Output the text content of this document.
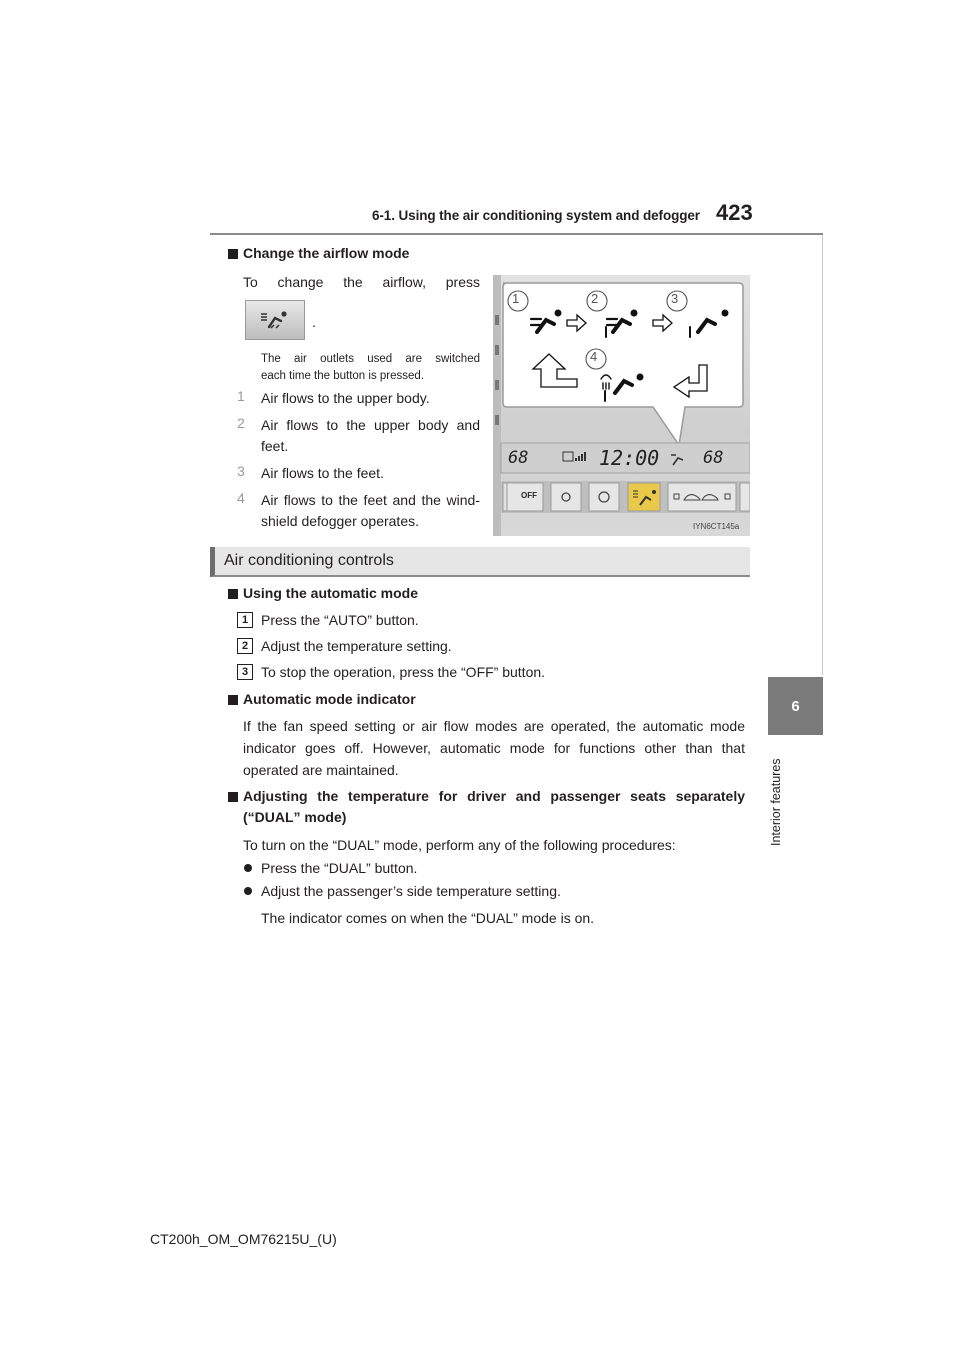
6-1. Using the air conditioning system and defogger 423
6
Interior features
Change the airflow mode
To change the airflow, press
.
The air outlets used are switched
each time the button is pressed.
1 Air flows to the upper body.
2 Air flows to the upper body and
feet.
3 Air flows to the feet.
4 Air flows to the feet and the wind-
shield defogger operates.
1	2	3
4
68	12:00	68
OFF
IYN6CT145a
Air conditioning controls
Using the automatic mode
1 Press the “AUTO” button.
2 Adjust the temperature setting.
3 To stop the operation, press the “OFF” button.
Automatic mode indicator
If the fan speed setting or air flow modes are operated, the automatic mode
indicator goes off. However, automatic mode for functions other than that
operated are maintained.
Adjusting the temperature for driver and passenger seats separately
(“DUAL” mode)
To turn on the “DUAL” mode, perform any of the following procedures:
Press the “DUAL” button.
Adjust the passenger’s side temperature setting.
The indicator comes on when the “DUAL” mode is on.
CT200h_OM_OM76215U_(U)
